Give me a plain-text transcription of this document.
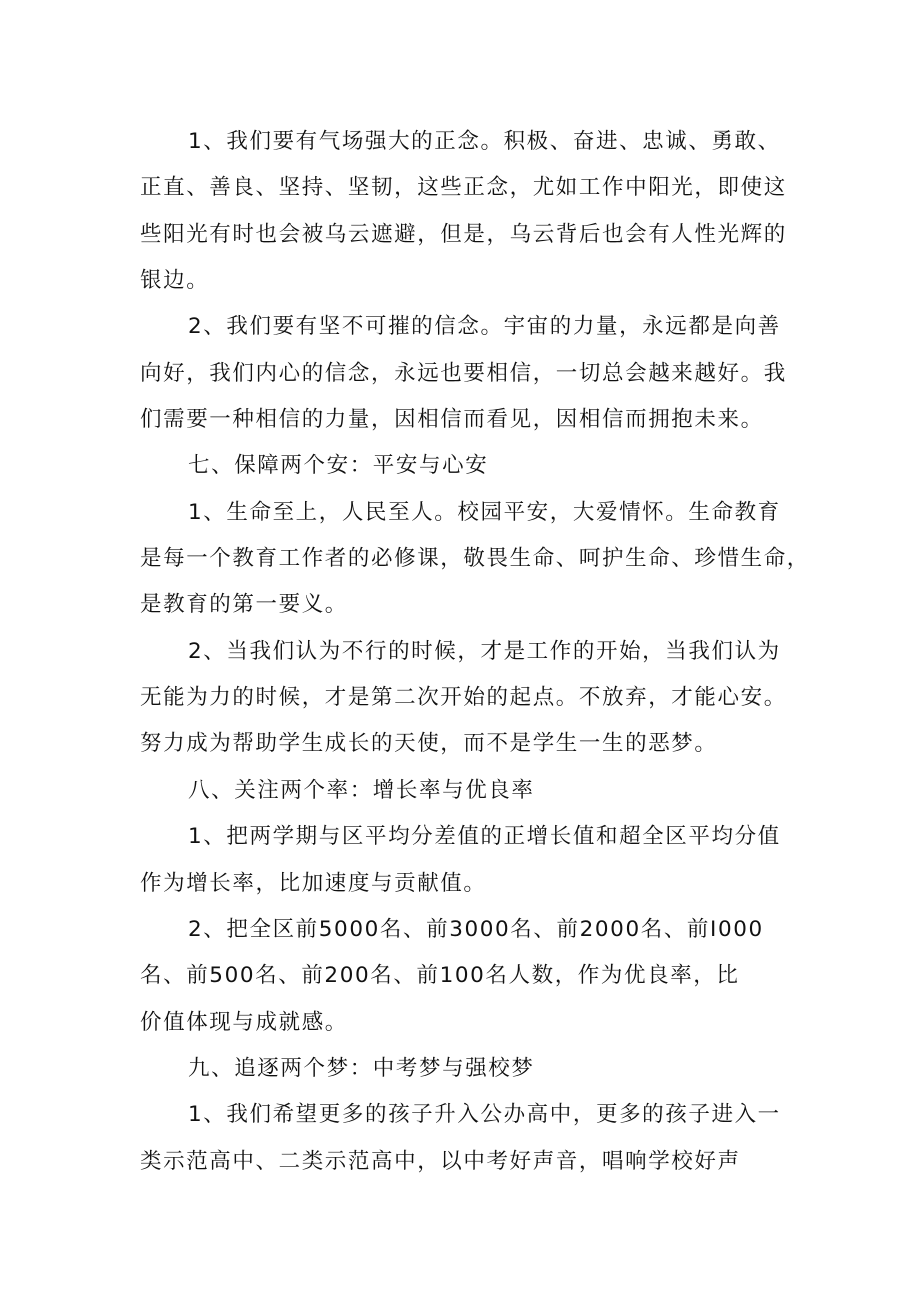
1、我们要有气场强大的正念。积极、奋进、忠诚、勇敢、
正直、善良、坚持、坚韧，这些正念，尤如工作中阳光，即使这
些阳光有时也会被乌云遮避，但是，乌云背后也会有人性光辉的
银边。
2、我们要有坚不可摧的信念。宇宙的力量，永远都是向善
向好，我们内心的信念，永远也要相信，一切总会越来越好。我
们需要一种相信的力量，因相信而看见，因相信而拥抱未来。
七、保障两个安：平安与心安
1、生命至上，人民至人。校园平安，大爱情怀。生命教育
是每一个教育工作者的必修课，敬畏生命、呵护生命、珍惜生命，
是教育的第一要义。
2、当我们认为不行的时候，才是工作的开始，当我们认为
无能为力的时候，才是第二次开始的起点。不放弃，才能心安。
努力成为帮助学生成长的天使，而不是学生一生的恶梦。
八、关注两个率：增长率与优良率
1、把两学期与区平均分差值的正增长值和超全区平均分值
作为增长率，比加速度与贡献值。
2、把全区前5000名、前3000名、前2000名、前I000
名、前500名、前200名、前100名人数，作为优良率，比
价值体现与成就感。
九、追逐两个梦：中考梦与强校梦
1、我们希望更多的孩子升入公办高中，更多的孩子进入一
类示范高中、二类示范高中，以中考好声音，唱响学校好声
